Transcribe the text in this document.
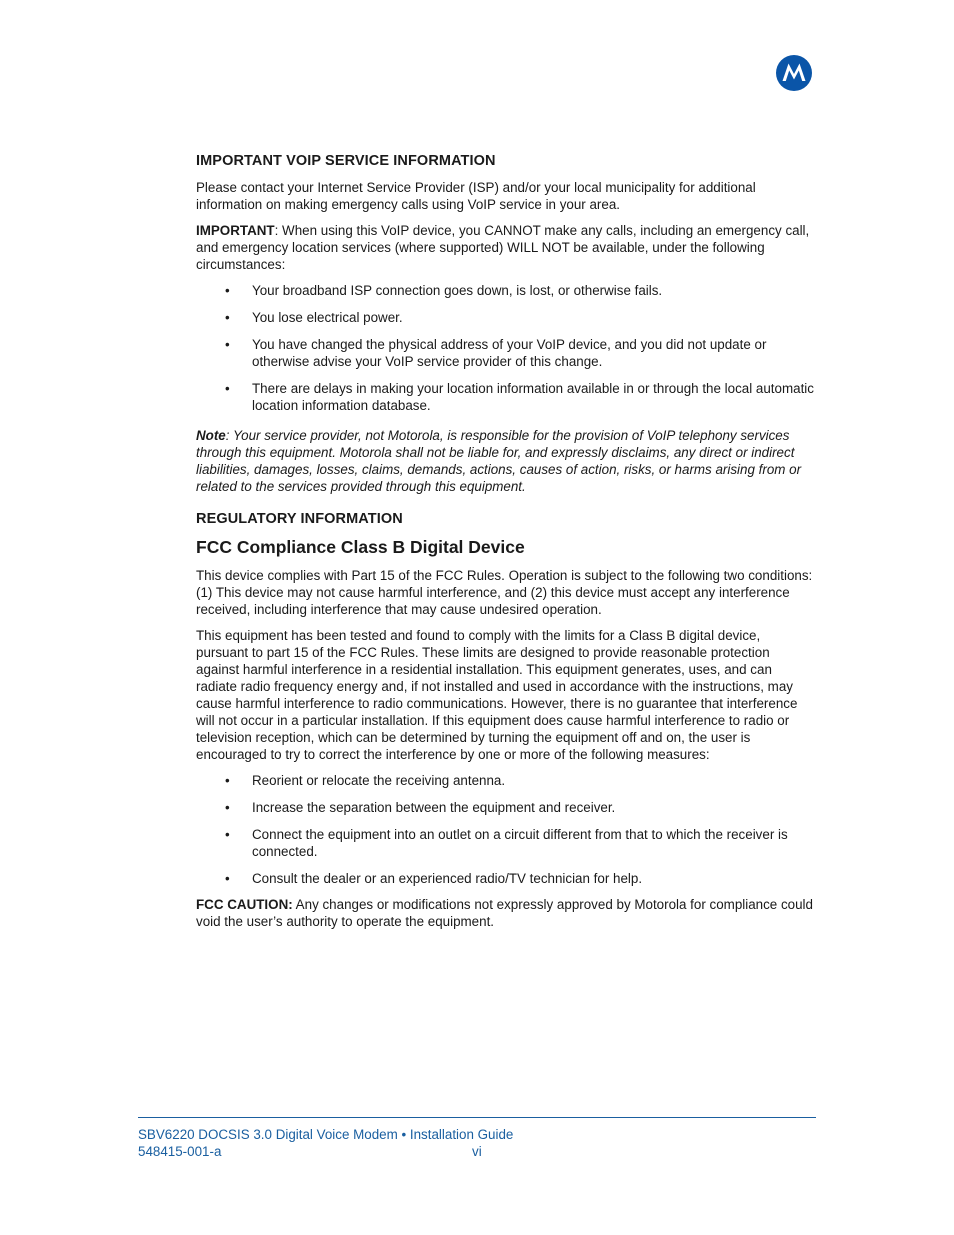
IMPORTANT VOIP SERVICE INFORMATION

Please contact your Internet Service Provider (ISP) and/or your local municipality for additional information on making emergency calls using VoIP service in your area.

IMPORTANT: When using this VoIP device, you CANNOT make any calls, including an emergency call, and emergency location services (where supported) WILL NOT be available, under the following circumstances:

• Your broadband ISP connection goes down, is lost, or otherwise fails.
• You lose electrical power.
• You have changed the physical address of your VoIP device, and you did not update or otherwise advise your VoIP service provider of this change.
• There are delays in making your location information available in or through the local automatic location information database.

Note: Your service provider, not Motorola, is responsible for the provision of VoIP telephony services through this equipment. Motorola shall not be liable for, and expressly disclaims, any direct or indirect liabilities, damages, losses, claims, demands, actions, causes of action, risks, or harms arising from or related to the services provided through this equipment.

REGULATORY INFORMATION
FCC Compliance Class B Digital Device

This device complies with Part 15 of the FCC Rules. Operation is subject to the following two conditions: (1) This device may not cause harmful interference, and (2) this device must accept any interference received, including interference that may cause undesired operation.

This equipment has been tested and found to comply with the limits for a Class B digital device, pursuant to part 15 of the FCC Rules. These limits are designed to provide reasonable protection against harmful interference in a residential installation. This equipment generates, uses, and can radiate radio frequency energy and, if not installed and used in accordance with the instructions, may cause harmful interference to radio communications. However, there is no guarantee that interference will not occur in a particular installation. If this equipment does cause harmful interference to radio or television reception, which can be determined by turning the equipment off and on, the user is encouraged to try to correct the interference by one or more of the following measures:

• Reorient or relocate the receiving antenna.
• Increase the separation between the equipment and receiver.
• Connect the equipment into an outlet on a circuit different from that to which the receiver is connected.
• Consult the dealer or an experienced radio/TV technician for help.

FCC CAUTION: Any changes or modifications not expressly approved by Motorola for compliance could void the user’s authority to operate the equipment.

SBV6220 DOCSIS 3.0 Digital Voice Modem • Installation Guide
548415-001-a	vi
